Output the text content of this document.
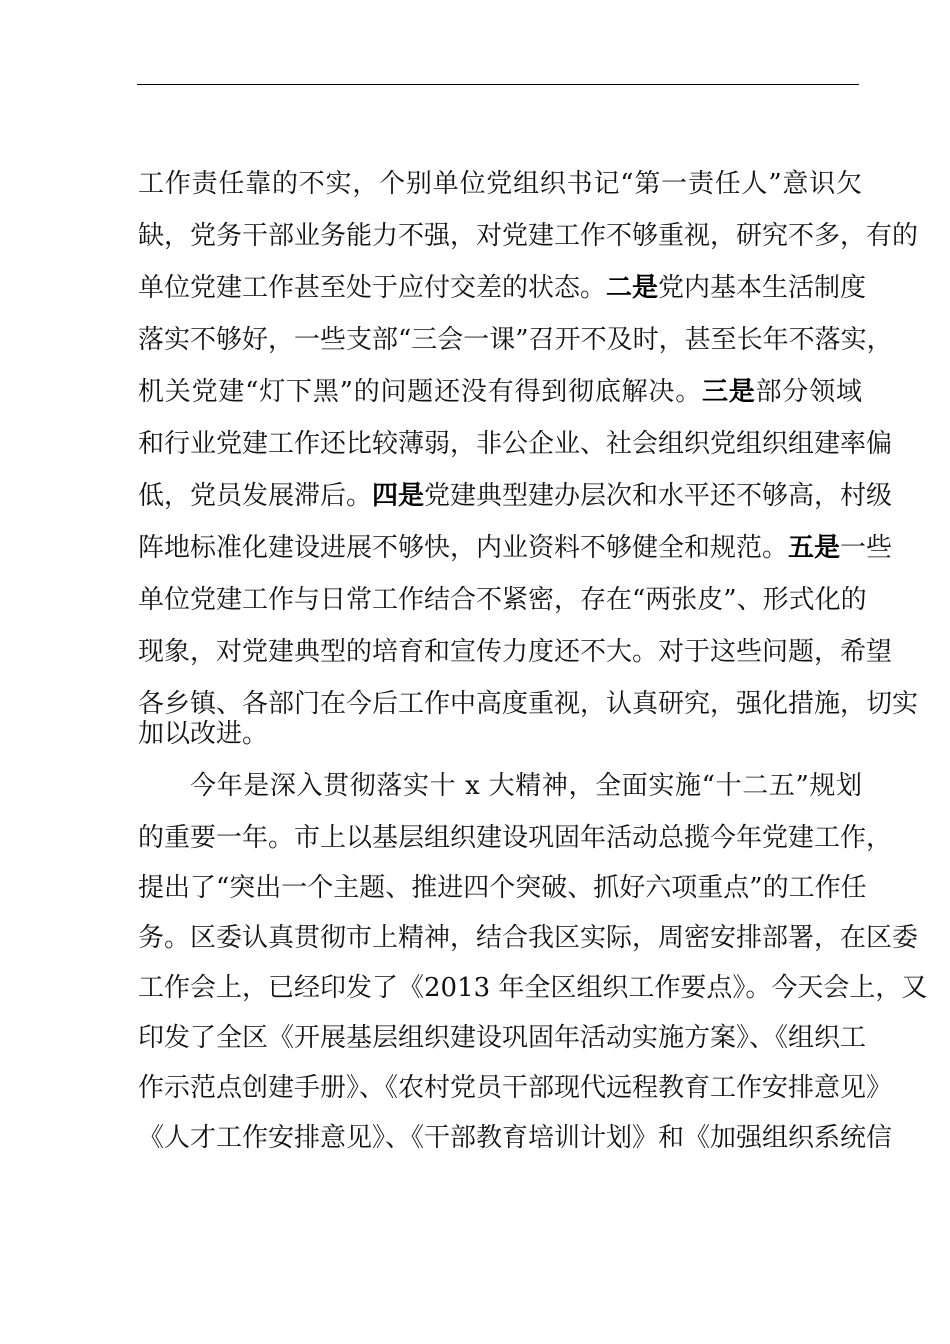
工作责任靠的不实，个别单位党组织书记“第一责任人”意识欠
缺，党务干部业务能力不强，对党建工作不够重视，研究不多，有的
单位党建工作甚至处于应付交差的状态。二是党内基本生活制度
落实不够好，一些支部“三会一课”召开不及时，甚至长年不落实，
机关党建“灯下黑”的问题还没有得到彻底解决。三是部分领域
和行业党建工作还比较薄弱，非公企业、社会组织党组织组建率偏
低，党员发展滞后。四是党建典型建办层次和水平还不够高，村级
阵地标准化建设进展不够快，内业资料不够健全和规范。五是一些
单位党建工作与日常工作结合不紧密，存在“两张皮”、形式化的
现象，对党建典型的培育和宣传力度还不大。对于这些问题，希望
各乡镇、各部门在今后工作中高度重视，认真研究，强化措施，切实
加以改进。
今年是深入贯彻落实十 x 大精神，全面实施“十二五”规划
的重要一年。市上以基层组织建设巩固年活动总揽今年党建工作，
提出了“突出一个主题、推进四个突破、抓好六项重点”的工作任
务。区委认真贯彻市上精神，结合我区实际，周密安排部署，在区委
工作会上，已经印发了《2013 年全区组织工作要点》。今天会上，又
印发了全区《开展基层组织建设巩固年活动实施方案》、《组织工
作示范点创建手册》、《农村党员干部现代远程教育工作安排意见》
《人才工作安排意见》、《干部教育培训计划》和《加强组织系统信
